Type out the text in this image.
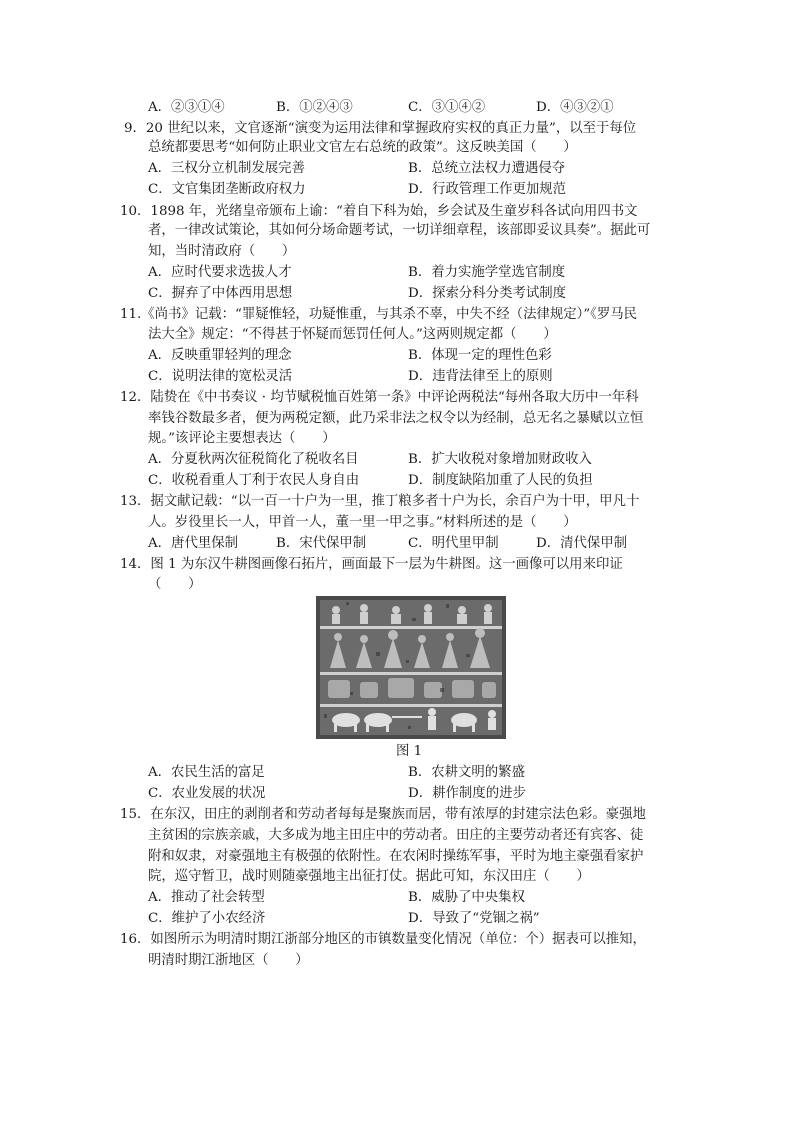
A．②③①④	B．①②④③	C．③①④②	D．④③②①
9．20 世纪以来，文官逐渐“演变为运用法律和掌握政府实权的真正力量”，以至于每位
总统都要思考“如何防止职业文官左右总统的政策”。这反映美国（　　）
A．三权分立机制发展完善	B．总统立法权力遭遇侵夺
C．文官集团垄断政府权力	D．行政管理工作更加规范
10．1898 年，光绪皇帝颁布上谕：“着自下科为始，乡会试及生童岁科各试向用四书文
者，一律改试策论，其如何分场命题考试，一切详细章程，该部即妥议具奏”。据此可
知，当时清政府（　　）
A．应时代要求选拔人才	B．着力实施学堂选官制度
C．摒弃了中体西用思想	D．探索分科分类考试制度
11.《尚书》记载：“罪疑惟轻，功疑惟重，与其杀不辜，中失不经（法律规定）”《罗马民
法大全》规定：“不得甚于怀疑而惩罚任何人。”这两则规定都（　　）
A．反映重罪轻判的理念	B．体现一定的理性色彩
C．说明法律的宽松灵活	D．违背法律至上的原则
12．陆贽在《中书奏议 · 均节赋税恤百姓第一条》中评论两税法“每州各取大历中一年科
率钱谷数最多者，便为两税定额，此乃采非法之权令以为经制，总无名之暴赋以立恒
规。”该评论主要想表达（　　）
A．分夏秋两次征税简化了税收名目	B．扩大收税对象增加财政收入
C．收税看重人丁利于农民人身自由	D．制度缺陷加重了人民的负担
13．据文献记载：“以一百一十户为一里，推丁粮多者十户为长，余百户为十甲，甲凡十
人。岁役里长一人，甲首一人，董一里一甲之事。”材料所述的是（　　）
A．唐代里保制	B．宋代保甲制	C．明代里甲制	D．清代保甲制
14．图 1 为东汉牛耕图画像石拓片，画面最下一层为牛耕图。这一画像可以用来印证
（　　）
图 1
A．农民生活的富足	B．农耕文明的繁盛
C．农业发展的状况	D．耕作制度的进步
15．在东汉，田庄的剥削者和劳动者每每是聚族而居，带有浓厚的封建宗法色彩。豪强地
主贫困的宗族亲戚，大多成为地主田庄中的劳动者。田庄的主要劳动者还有宾客、徒
附和奴隶，对豪强地主有极强的依附性。在农闲时操练军事，平时为地主豪强看家护
院，巡守暂卫，战时则随豪强地主出征打仗。据此可知，东汉田庄（　　）
A．推动了社会转型	B．威胁了中央集权
C．维护了小农经济	D．导致了“党锢之祸”
16．如图所示为明清时期江浙部分地区的市镇数量变化情况（单位：个）据表可以推知，
明清时期江浙地区（　　）
